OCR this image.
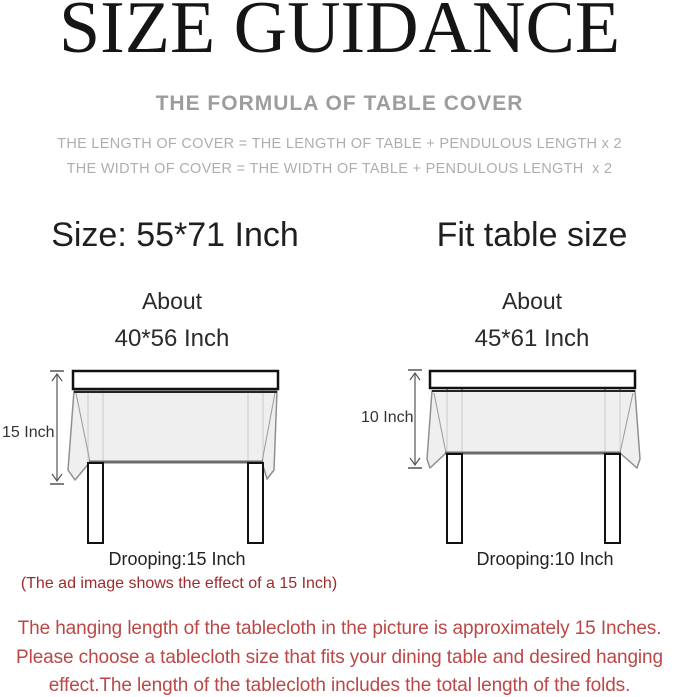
SIZE GUIDANCE
THE FORMULA OF TABLE COVER
THE LENGTH OF COVER = THE LENGTH OF TABLE + PENDULOUS LENGTH x 2
THE WIDTH OF COVER = THE WIDTH OF TABLE + PENDULOUS LENGTH  x 2
Size: 55*71 Inch	Fit table size
About
40*56 Inch
About
45*61 Inch
15 Inch
10 Inch
Drooping:15 Inch	Drooping:10 Inch
(The ad image shows the effect of a 15 Inch)
The hanging length of the tablecloth in the picture is approximately 15 Inches.
Please choose a tablecloth size that fits your dining table and desired hanging
effect.The length of the tablecloth includes the total length of the folds.
